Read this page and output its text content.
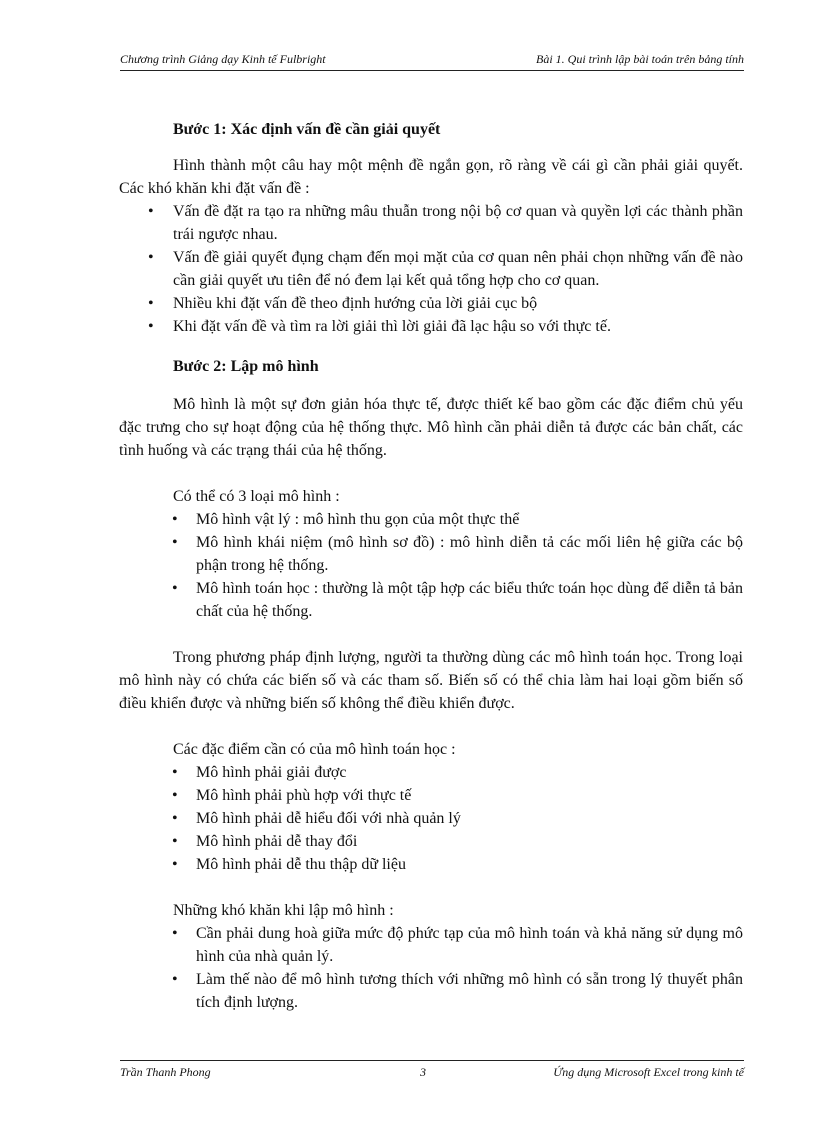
Chương trình Giảng dạy Kinh tế Fulbright	Bài 1. Qui trình lập bài toán trên bảng tính
Bước 1: Xác định vấn đề cần giải quyết

Hình thành một câu hay một mệnh đề ngắn gọn, rõ ràng về cái gì cần phải giải quyết. Các khó khăn khi đặt vấn đề :

• Vấn đề đặt ra tạo ra những mâu thuẫn trong nội bộ cơ quan và quyền lợi các thành phần trái ngược nhau.
• Vấn đề giải quyết đụng chạm đến mọi mặt của cơ quan nên phải chọn những vấn đề nào cần giải quyết ưu tiên để nó đem lại kết quả tổng hợp cho cơ quan.
• Nhiều khi đặt vấn đề theo định hướng của lời giải cục bộ
• Khi đặt vấn đề và tìm ra lời giải thì lời giải đã lạc hậu so với thực tế.
Bước 2: Lập mô hình

Mô hình là một sự đơn giản hóa thực tế, được thiết kế bao gồm các đặc điểm chủ yếu đặc trưng cho sự hoạt động của hệ thống thực. Mô hình cần phải diễn tả được các bản chất, các tình huống và các trạng thái của hệ thống.

Có thể có 3 loại mô hình :

• Mô hình vật lý : mô hình thu gọn của một thực thể
• Mô hình khái niệm (mô hình sơ đồ) : mô hình diễn tả các mối liên hệ giữa các bộ phận trong hệ thống.
• Mô hình toán học : thường là một tập hợp các biểu thức toán học dùng để diễn tả bản chất của hệ thống.

Trong phương pháp định lượng, người ta thường dùng các mô hình toán học. Trong loại mô hình này có chứa các biến số và các tham số. Biến số có thể chia làm hai loại gồm biến số điều khiển được và những biến số không thể điều khiển được.

Các đặc điểm cần có của mô hình toán học :

• Mô hình phải giải được
• Mô hình phải phù hợp với thực tế
• Mô hình phải dễ hiểu đối với nhà quản lý
• Mô hình phải dễ thay đổi
• Mô hình phải dễ thu thập dữ liệu

Những khó khăn khi lập mô hình :

• Cần phải dung hoà giữa mức độ phức tạp của mô hình toán và khả năng sử dụng mô hình của nhà quản lý.
• Làm thế nào để mô hình tương thích với những mô hình có sẵn trong lý thuyết phân tích định lượng.
Trần Thanh Phong	3	Ứng dụng Microsoft Excel trong kinh tế
